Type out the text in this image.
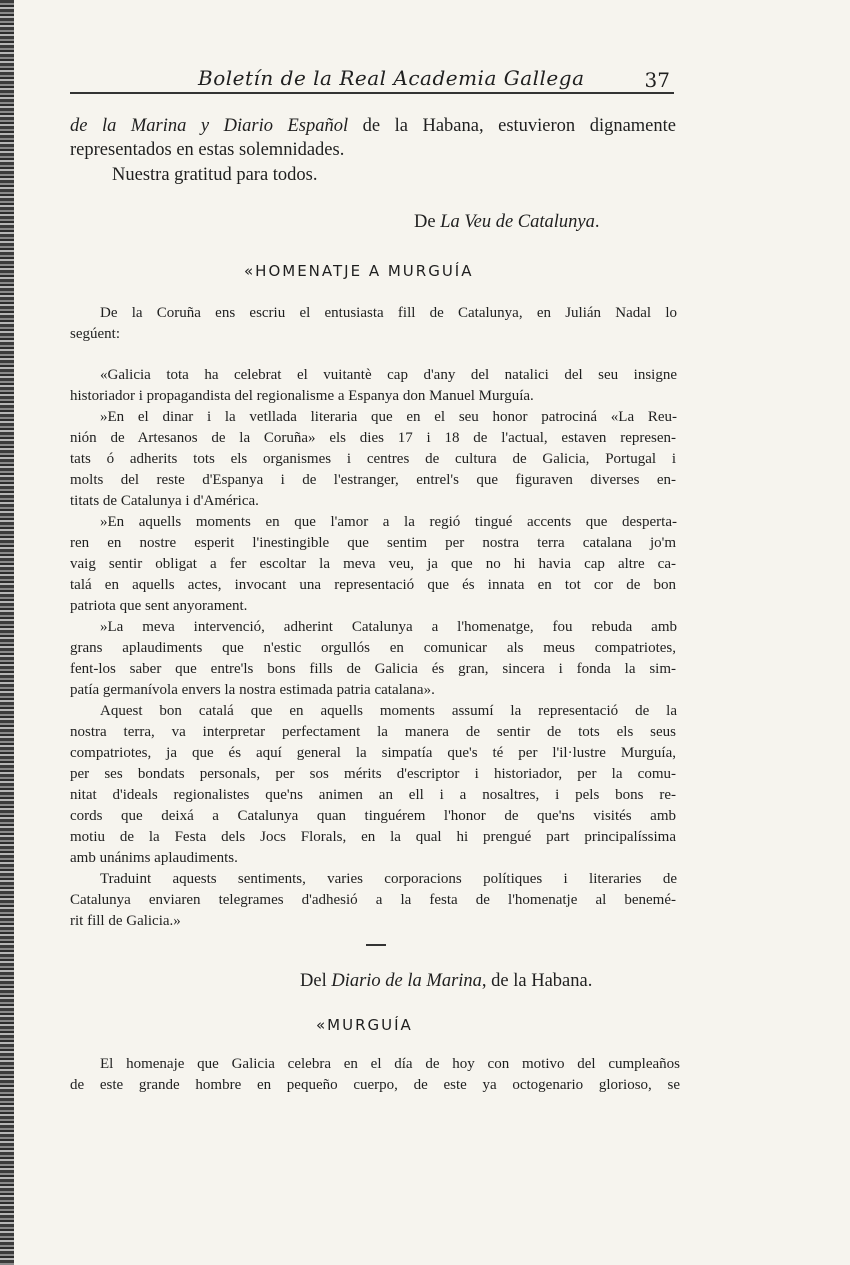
Boletín de la Real Academia Gallega	37
de la Marina y Diario Español de la Habana, estuvieron dignamente
representados en estas solemnidades.
Nuestra gratitud para todos.
De La Veu de Catalunya.
«HOMENATJE A MURGUÍA
De la Coruña ens escriu el entusiasta fill de Catalunya, en Julián Nadal lo
segúent:
«Galicia tota ha celebrat el vuitantè cap d'any del natalici del seu insigne
historiador i propagandista del regionalisme a Espanya don Manuel Murguía.
»En el dinar i la vetllada literaria que en el seu honor patrociná «La Reu-
nión de Artesanos de la Coruña» els dies 17 i 18 de l'actual, estaven represen-
tats ó adherits tots els organismes i centres de cultura de Galicia, Portugal i
molts del reste d'Espanya i de l'estranger, entrel's que figuraven diverses en-
titats de Catalunya i d'América.
»En aquells moments en que l'amor a la regió tingué accents que desperta-
ren en nostre esperit l'inestingible que sentim per nostra terra catalana jo'm
vaig sentir obligat a fer escoltar la meva veu, ja que no hi havia cap altre ca-
talá en aquells actes, invocant una representació que és innata en tot cor de bon
patriota que sent anyorament.
»La meva intervenció, adherint Catalunya a l'homenatge, fou rebuda amb
grans aplaudiments que n'estic orgullós en comunicar als meus compatriotes,
fent-los saber que entre'ls bons fills de Galicia és gran, sincera i fonda la sim-
patía germanívola envers la nostra estimada patria catalana».
Aquest bon catalá que en aquells moments assumí la representació de la
nostra terra, va interpretar perfectament la manera de sentir de tots els seus
compatriotes, ja que és aquí general la simpatía que's té per l'il·lustre Murguía,
per ses bondats personals, per sos mérits d'escriptor i historiador, per la comu-
nitat d'ideals regionalistes que'ns animen an ell i a nosaltres, i pels bons re-
cords que deixá a Catalunya quan tinguérem l'honor de que'ns visités amb
motiu de la Festa dels Jocs Florals, en la qual hi prengué part principalíssima
amb unánims aplaudiments.
Traduint aquests sentiments, varies corporacions polítiques i literaries de
Catalunya enviaren telegrames d'adhesió a la festa de l'homenatje al benemé-
rit fill de Galicia.»
Del Diario de la Marina, de la Habana.
«MURGUÍA
El homenaje que Galicia celebra en el día de hoy con motivo del cumpleaños
de este grande hombre en pequeño cuerpo, de este ya octogenario glorioso, se
